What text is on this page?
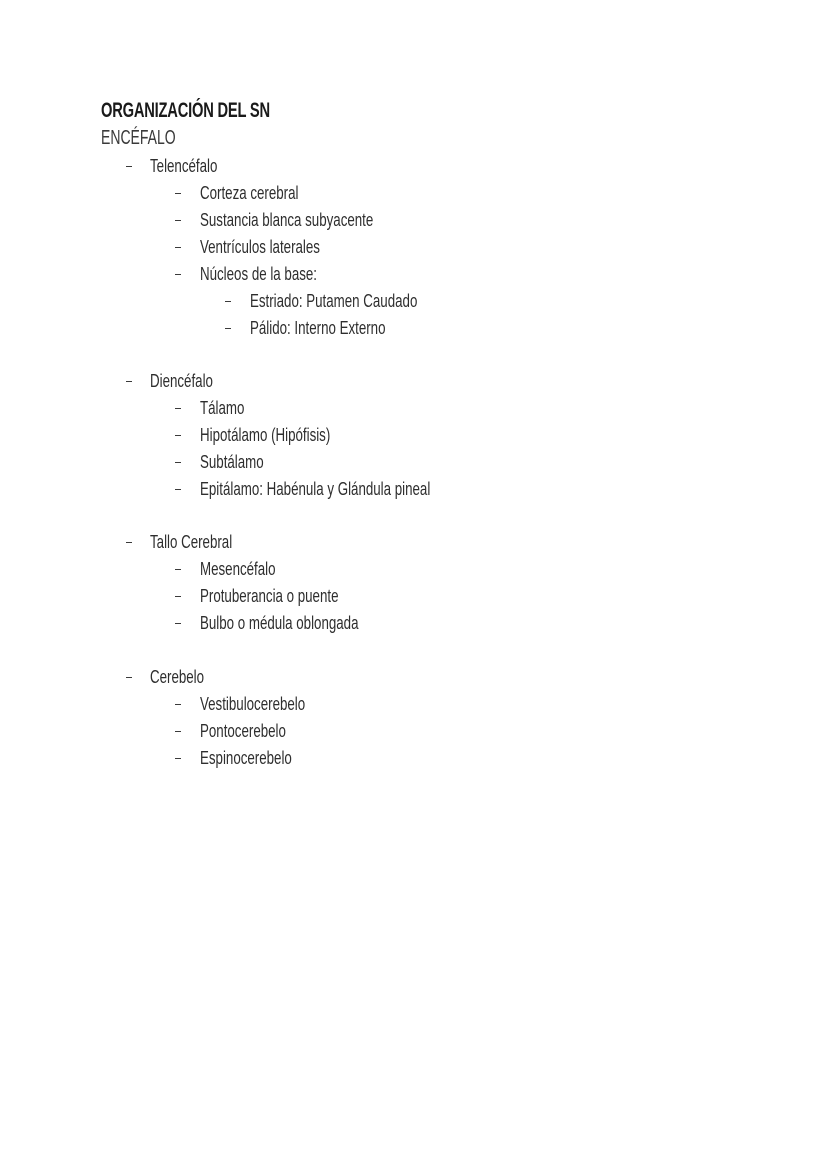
ORGANIZACIÓN DEL SN
ENCÉFALO
Telencéfalo
Corteza cerebral
Sustancia blanca subyacente
Ventrículos laterales
Núcleos de la base:
Estriado: Putamen Caudado
Pálido: Interno Externo
Diencéfalo
Tálamo
Hipotálamo (Hipófisis)
Subtálamo
Epitálamo: Habénula y Glándula pineal
Tallo Cerebral
Mesencéfalo
Protuberancia o puente
Bulbo o médula oblongada
Cerebelo
Vestibulocerebelo
Pontocerebelo
Espinocerebelo
